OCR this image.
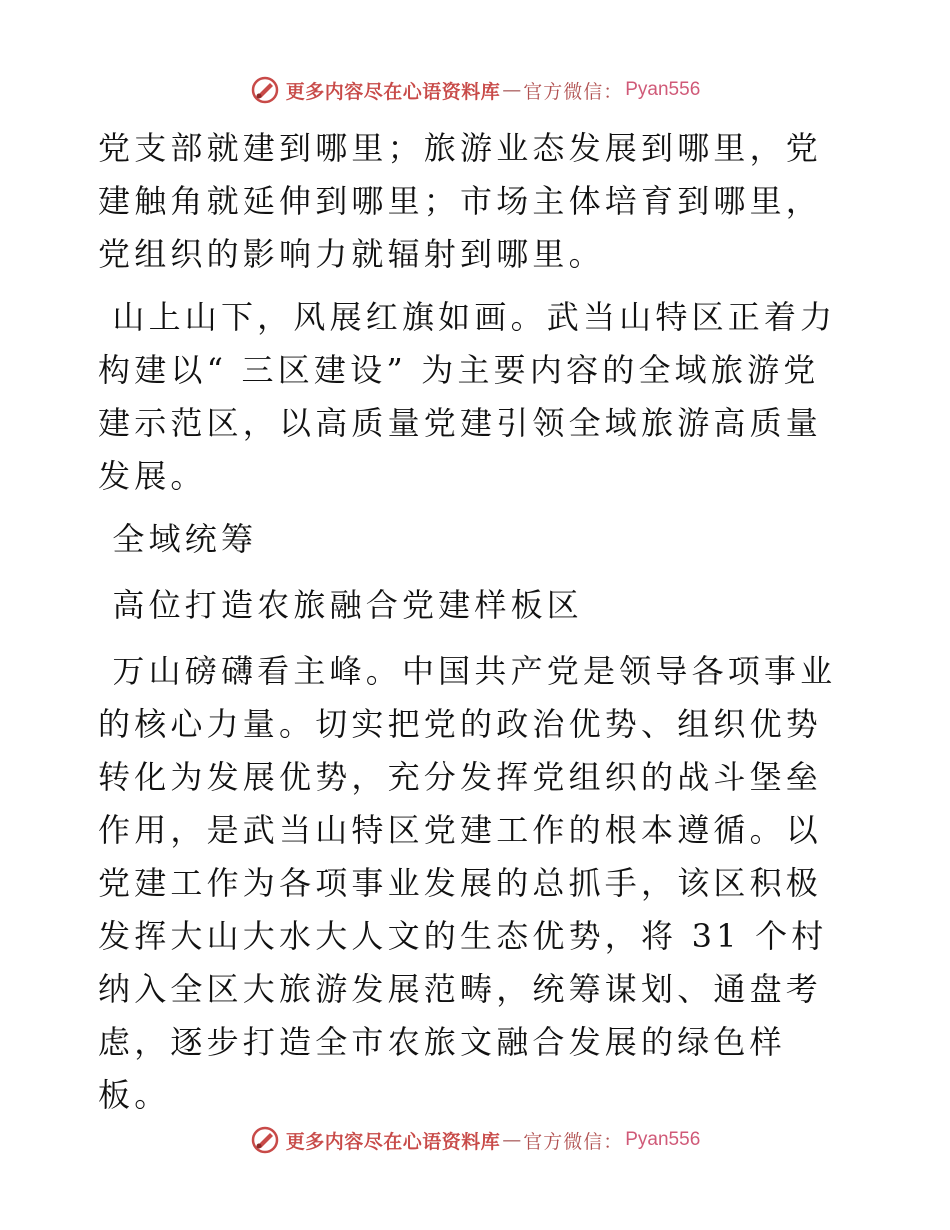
更多内容尽在心语资料库 — 官方微信： Pyan556

党支部就建到哪里；旅游业态发展到哪里，党建触角就延伸到哪里；市场主体培育到哪里，党组织的影响力就辐射到哪里。

山上山下，风展红旗如画。武当山特区正着力构建以“ 三区建设” 为主要内容的全域旅游党建示范区，以高质量党建引领全域旅游高质量发展。

全域统筹

高位打造农旅融合党建样板区

万山磅礴看主峰。中国共产党是领导各项事业的核心力量。切实把党的政治优势、组织优势转化为发展优势，充分发挥党组织的战斗堡垒作用，是武当山特区党建工作的根本遵循。以党建工作为各项事业发展的总抓手，该区积极发挥大山大水大人文的生态优势，将 31 个村纳入全区大旅游发展范畴，统筹谋划、通盘考虑，逐步打造全市农旅文融合发展的绿色样板。

更多内容尽在心语资料库 — 官方微信： Pyan556
